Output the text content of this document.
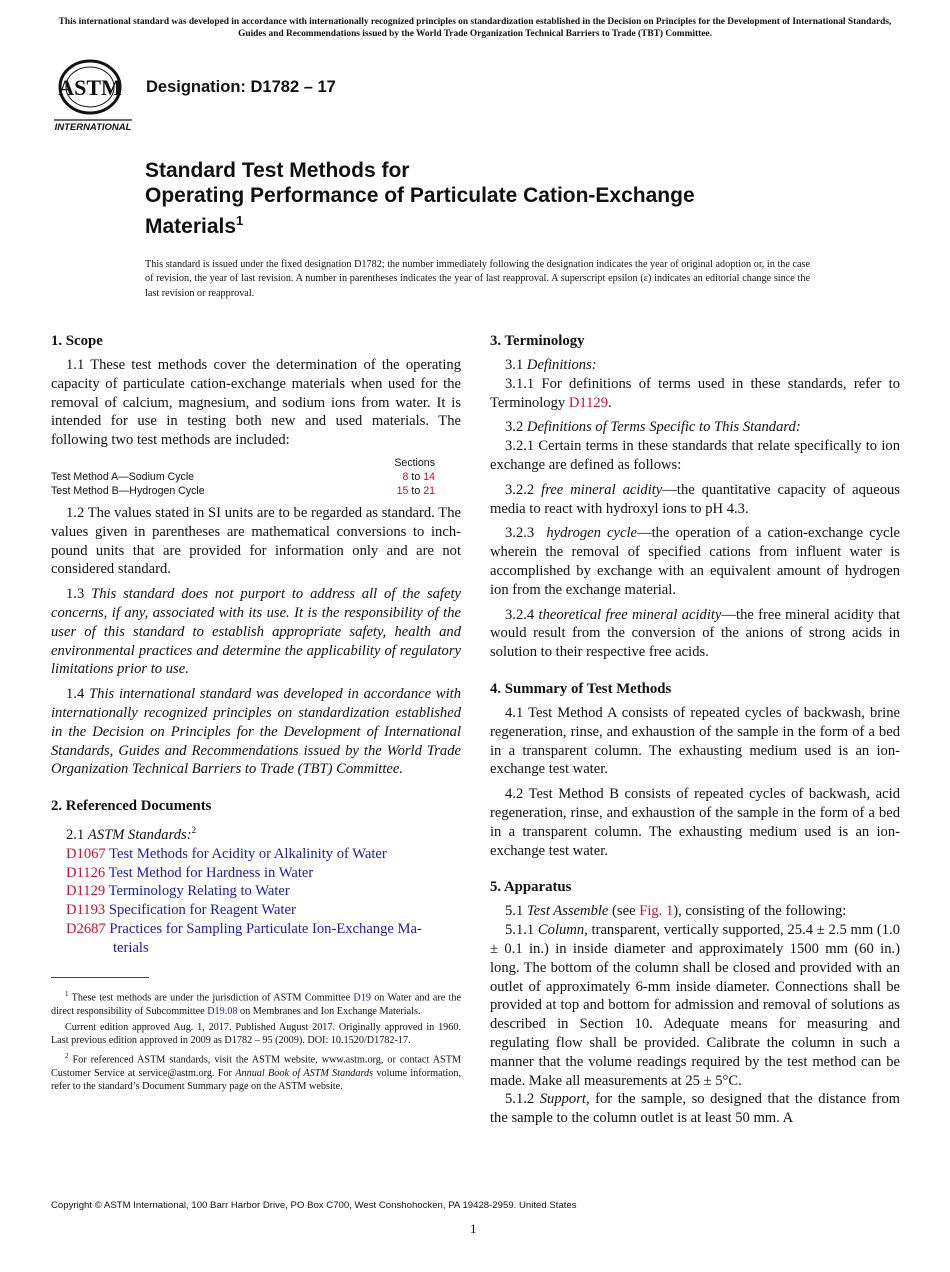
This international standard was developed in accordance with internationally recognized principles on standardization established in the Decision on Principles for the Development of International Standards, Guides and Recommendations issued by the World Trade Organization Technical Barriers to Trade (TBT) Committee.
ASTM
INTERNATIONAL
Designation: D1782 – 17
Standard Test Methods for
Operating Performance of Particulate Cation-Exchange
Materials$^1$
This standard is issued under the fixed designation D1782; the number immediately following the designation indicates the year of original adoption or, in the case of revision, the year of last revision. A number in parentheses indicates the year of last reapproval. A superscript epsilon (ε) indicates an editorial change since the last revision or reapproval.
1. Scope

1.1 These test methods cover the determination of the operating capacity of particulate cation-exchange materials when used for the removal of calcium, magnesium, and sodium ions from water. It is intended for use in testing both new and used materials. The following two test methods are included:

Sections
Test Method A—Sodium Cycle	8 to 14
Test Method B—Hydrogen Cycle	15 to 21

1.2 The values stated in SI units are to be regarded as standard. The values given in parentheses are mathematical conversions to inch-pound units that are provided for information only and are not considered standard.

1.3 This standard does not purport to address all of the safety concerns, if any, associated with its use. It is the responsibility of the user of this standard to establish appropriate safety, health and environmental practices and determine the applicability of regulatory limitations prior to use.

1.4 This international standard was developed in accordance with internationally recognized principles on standardization established in the Decision on Principles for the Development of International Standards, Guides and Recommendations issued by the World Trade Organization Technical Barriers to Trade (TBT) Committee.

2. Referenced Documents

2.1 ASTM Standards:$^2$

D1067 Test Methods for Acidity or Alkalinity of Water
D1126 Test Method for Hardness in Water
D1129 Terminology Relating to Water
D1193 Specification for Reagent Water
D2687 Practices for Sampling Particulate Ion-Exchange Ma-
terials
3. Terminology

3.1 Definitions:

3.1.1 For definitions of terms used in these standards, refer to Terminology D1129.

3.2 Definitions of Terms Specific to This Standard:

3.2.1 Certain terms in these standards that relate specifically to ion exchange are defined as follows:

3.2.2 free mineral acidity—the quantitative capacity of aqueous media to react with hydroxyl ions to pH 4.3.

3.2.3 hydrogen cycle—the operation of a cation-exchange cycle wherein the removal of specified cations from influent water is accomplished by exchange with an equivalent amount of hydrogen ion from the exchange material.

3.2.4 theoretical free mineral acidity—the free mineral acidity that would result from the conversion of the anions of strong acids in solution to their respective free acids.

4. Summary of Test Methods

4.1 Test Method A consists of repeated cycles of backwash, brine regeneration, rinse, and exhaustion of the sample in the form of a bed in a transparent column. The exhausting medium used is an ion-exchange test water.

4.2 Test Method B consists of repeated cycles of backwash, acid regeneration, rinse, and exhaustion of the sample in the form of a bed in a transparent column. The exhausting medium used is an ion-exchange test water.

5. Apparatus

5.1 Test Assemble (see Fig. 1), consisting of the following:

5.1.1 Column, transparent, vertically supported, 25.4 ± 2.5 mm (1.0 ± 0.1 in.) in inside diameter and approximately 1500 mm (60 in.) long. The bottom of the column shall be closed and provided with an outlet of approximately 6-mm inside diameter. Connections shall be provided at top and bottom for admission and removal of solutions as described in Section 10. Adequate means for measuring and regulating flow shall be provided. Calibrate the column in such a manner that the volume readings required by the test method can be made. Make all measurements at 25 ± 5°C.

5.1.2 Support, for the sample, so designed that the distance from the sample to the column outlet is at least 50 mm. A

$^1$ These test methods are under the jurisdiction of ASTM Committee D19 on Water and are the direct responsibility of Subcommittee D19.08 on Membranes and Ion Exchange Materials.

Current edition approved Aug. 1, 2017. Published August 2017. Originally approved in 1960. Last previous edition approved in 2009 as D1782 – 95 (2009). DOI: 10.1520/D1782-17.

$^2$ For referenced ASTM standards, visit the ASTM website, www.astm.org, or contact ASTM Customer Service at service@astm.org. For Annual Book of ASTM Standards volume information, refer to the standard’s Document Summary page on the ASTM website.

Copyright © ASTM International, 100 Barr Harbor Drive, PO Box C700, West Conshohocken, PA 19428-2959. United States
1
